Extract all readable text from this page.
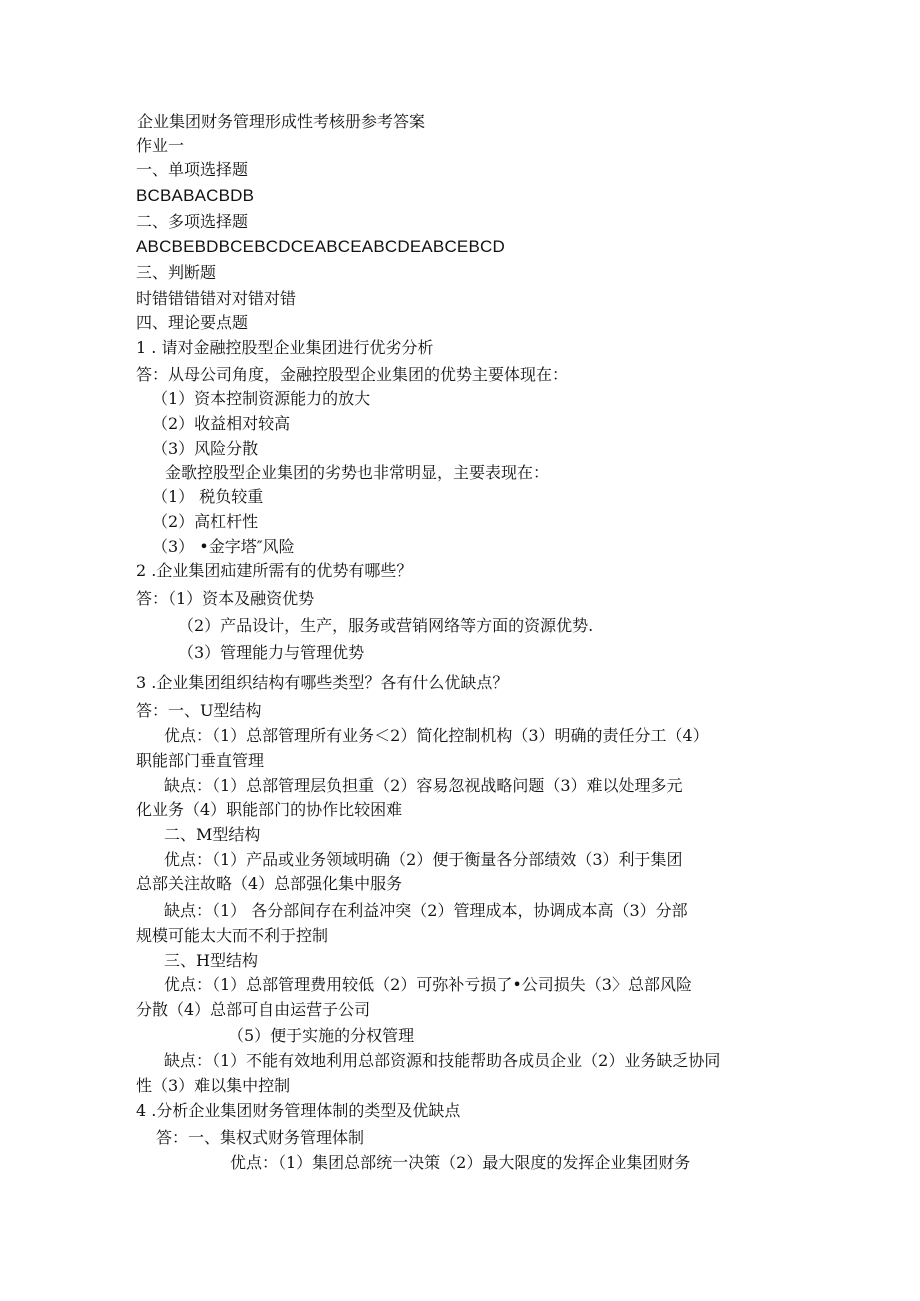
企业集团财务管理形成性考核册参考答案
作业一
一、单项选择题
BCBABACBDB
二、多项选择题
ABCBEBDBCEBCDCEABCEABCDEABCEBCD
三、判断题
时错错错错对对错对错
四、理论要点题
1 . 请对金融控股型企业集团进行优劣分析
答：从母公司角度，金融控股型企业集团的优势主要体现在：
（1）资本控制资源能力的放大
（2）收益相对较高
（3）风险分散
金歌控股型企业集团的劣势也非常明显，主要表现在：
（1） 税负较重
（2）高杠杆性
（3） •金字塔″风险
2 .企业集团疝建所需有的优势有哪些？
答：（1）资本及融资优势
（2）产品设计，生产，服务或营销网络等方面的资源优势.
（3）管理能力与管理优势
3 .企业集团组织结构有哪些类型？各有什么优缺点？
答：一、U型结构
优点：（1）总部管理所有业务＜2）简化控制机构（3）明确的责任分工（4）
职能部门垂直管理
缺点：（1）总部管理层负担重（2）容易忽视战略问题（3）难以处理多元
化业务（4）职能部门的协作比较困难
二、M型结构
优点：（1）产品或业务领域明确（2）便于衡量各分部绩效（3）利于集团
总部关注故略（4）总部强化集中服务
缺点：（1） 各分部间存在利益冲突（2）管理成本，协调成本高（3）分部
规模可能太大而不利于控制
三、H型结构
优点：（1）总部管理费用较低（2）可弥补亏损了•公司损失（3〉总部风险
分散（4）总部可自由运营子公司
（5）便于实施的分权管理
缺点：（1）不能有效地利用总部资源和技能帮助各成员企业（2）业务缺乏协同
性（3）难以集中控制
4 .分析企业集团财务管理体制的类型及优缺点
答：一、集权式财务管理体制
优点：（1）集团总部统一决策（2）最大限度的发挥企业集团财务
